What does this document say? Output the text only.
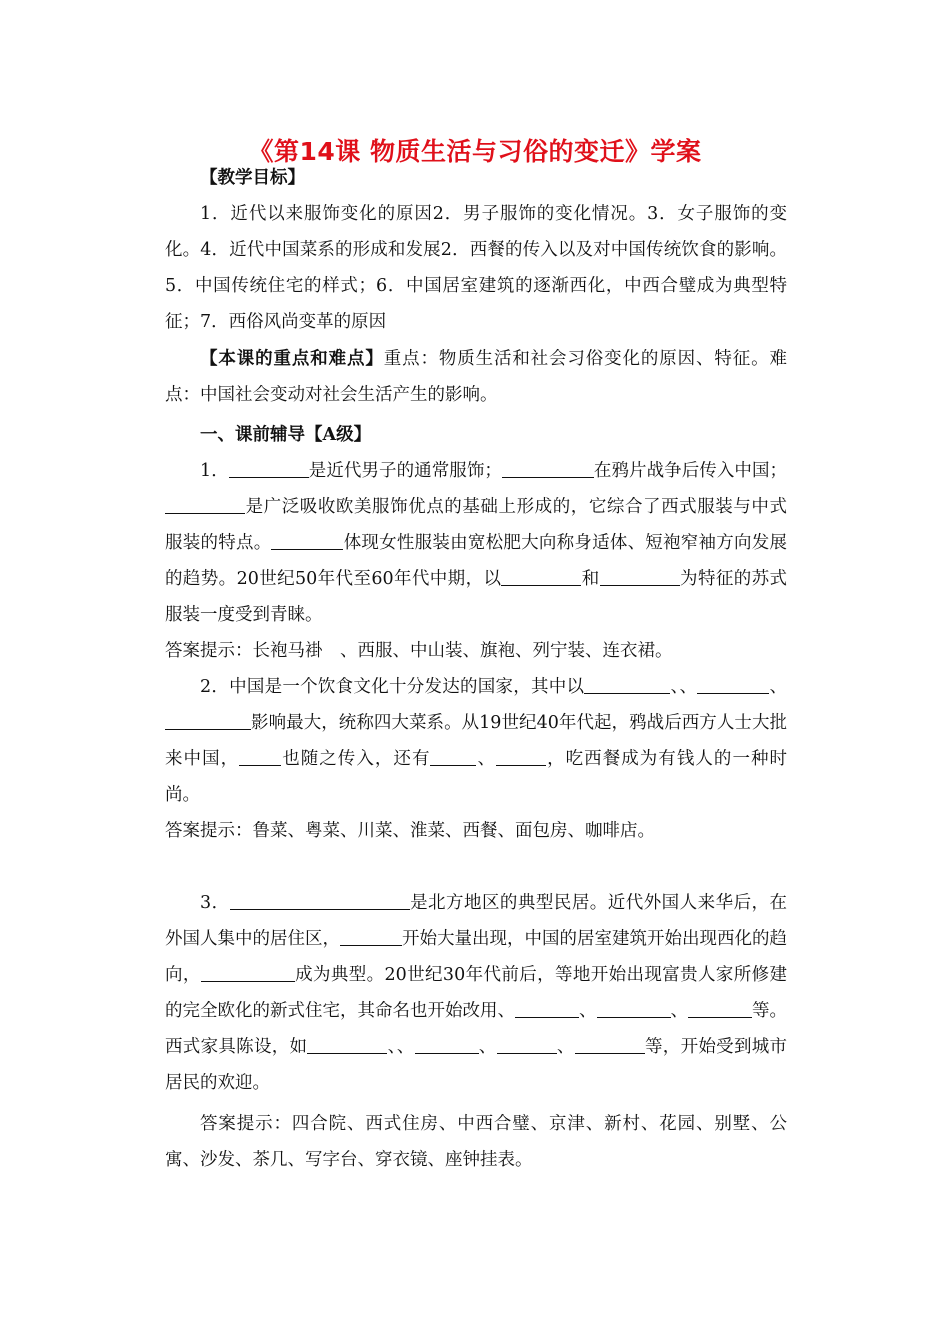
《第14课 物质生活与习俗的变迁》学案

【教学目标】

1．近代以来服饰变化的原因2．男子服饰的变化情况。3．女子服饰的变化。4．近代中国菜系的形成和发展2．西餐的传入以及对中国传统饮食的影响。5．中国传统住宅的样式；6．中国居室建筑的逐渐西化，中西合璧成为典型特征；7．西俗风尚变革的原因

【本课的重点和难点】重点：物质生活和社会习俗变化的原因、特征。难点：中国社会变动对社会生活产生的影响。

一、课前辅导【A级】

1．	是近代男子的通常服饰；	在鸦片战争后传入中国；是广泛吸收欧美服饰优点的基础上形成的，它综合了西式服装与中式服装的特点。	体现女性服装由宽松肥大向称身适体、短袍窄袖方向发展的趋势。20世纪50年代至60年代中期，以	和	为特征的苏式服装一度受到青睐。

答案提示：长袍马褂　、西服、中山装、旗袍、列宁装、连衣裙。

2．中国是一个饮食文化十分发达的国家，其中以	、、	、影响最大，统称四大菜系。从19世纪40年代起，鸦战后西方人士大批来中国， 也随之传入，还有	、	，吃西餐成为有钱人的一种时尚。

答案提示：鲁菜、粤菜、川菜、淮菜、西餐、面包房、咖啡店。

3．	是北方地区的典型民居。近代外国人来华后，在外国人集中的居住区，	开始大量出现，中国的居室建筑开始出现西化的趋向，	成为典型。20世纪30年代前后，等地开始出现富贵人家所修建的完全欧化的新式住宅，其命名也开始改用、	、	、	等。西式家具陈设，如	、、	、	、	等，开始受到城市居民的欢迎。

答案提示：四合院、西式住房、中西合璧、京津、新村、花园、别墅、公寓、沙发、茶几、写字台、穿衣镜、座钟挂表。
